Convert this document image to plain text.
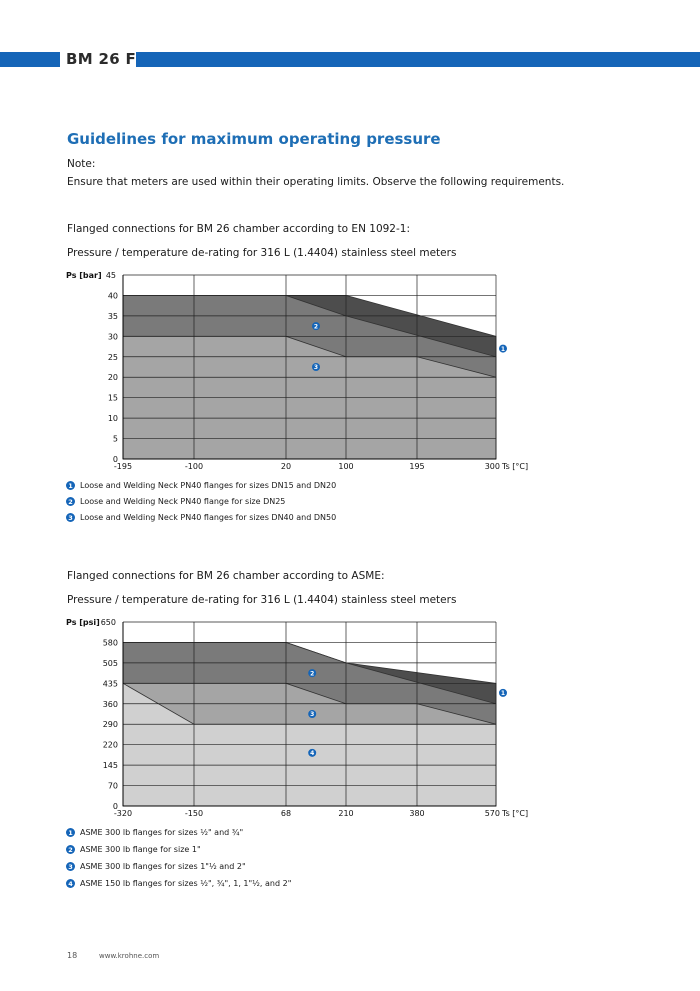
BM 26 F
Guidelines for maximum operating pressure
Note:
Ensure that meters are used within their operating limits. Observe the following requirements.
Flanged connections for BM 26 chamber according to EN 1092-1:
Pressure / temperature de-rating for 316 L (1.4404) stainless steel meters
0
5
10
15
20
25
30
35
40
45
Ps [bar]
-195	-100	20	100	195	300 Ts [°C]
1
2
3
1 Loose and Welding Neck PN40 flanges for sizes DN15 and DN20
2 Loose and Welding Neck PN40 flange for size DN25
3 Loose and Welding Neck PN40 flanges for sizes DN40 and DN50
Flanged connections for BM 26 chamber according to ASME:
Pressure / temperature de-rating for 316 L (1.4404) stainless steel meters
0
70
145
220
290
360
435
505
580
650
Ps [psi]
-320	-150	68	210	380	570 Ts [°C]
1
2
3
4
1 ASME 300 lb flanges for sizes ½" and ¾"
2 ASME 300 lb flange for size 1"
3 ASME 300 lb flanges for sizes 1"½ and 2"
4 ASME 150 lb flanges for sizes ½", ¾", 1, 1"½, and 2"
18	www.krohne.com
